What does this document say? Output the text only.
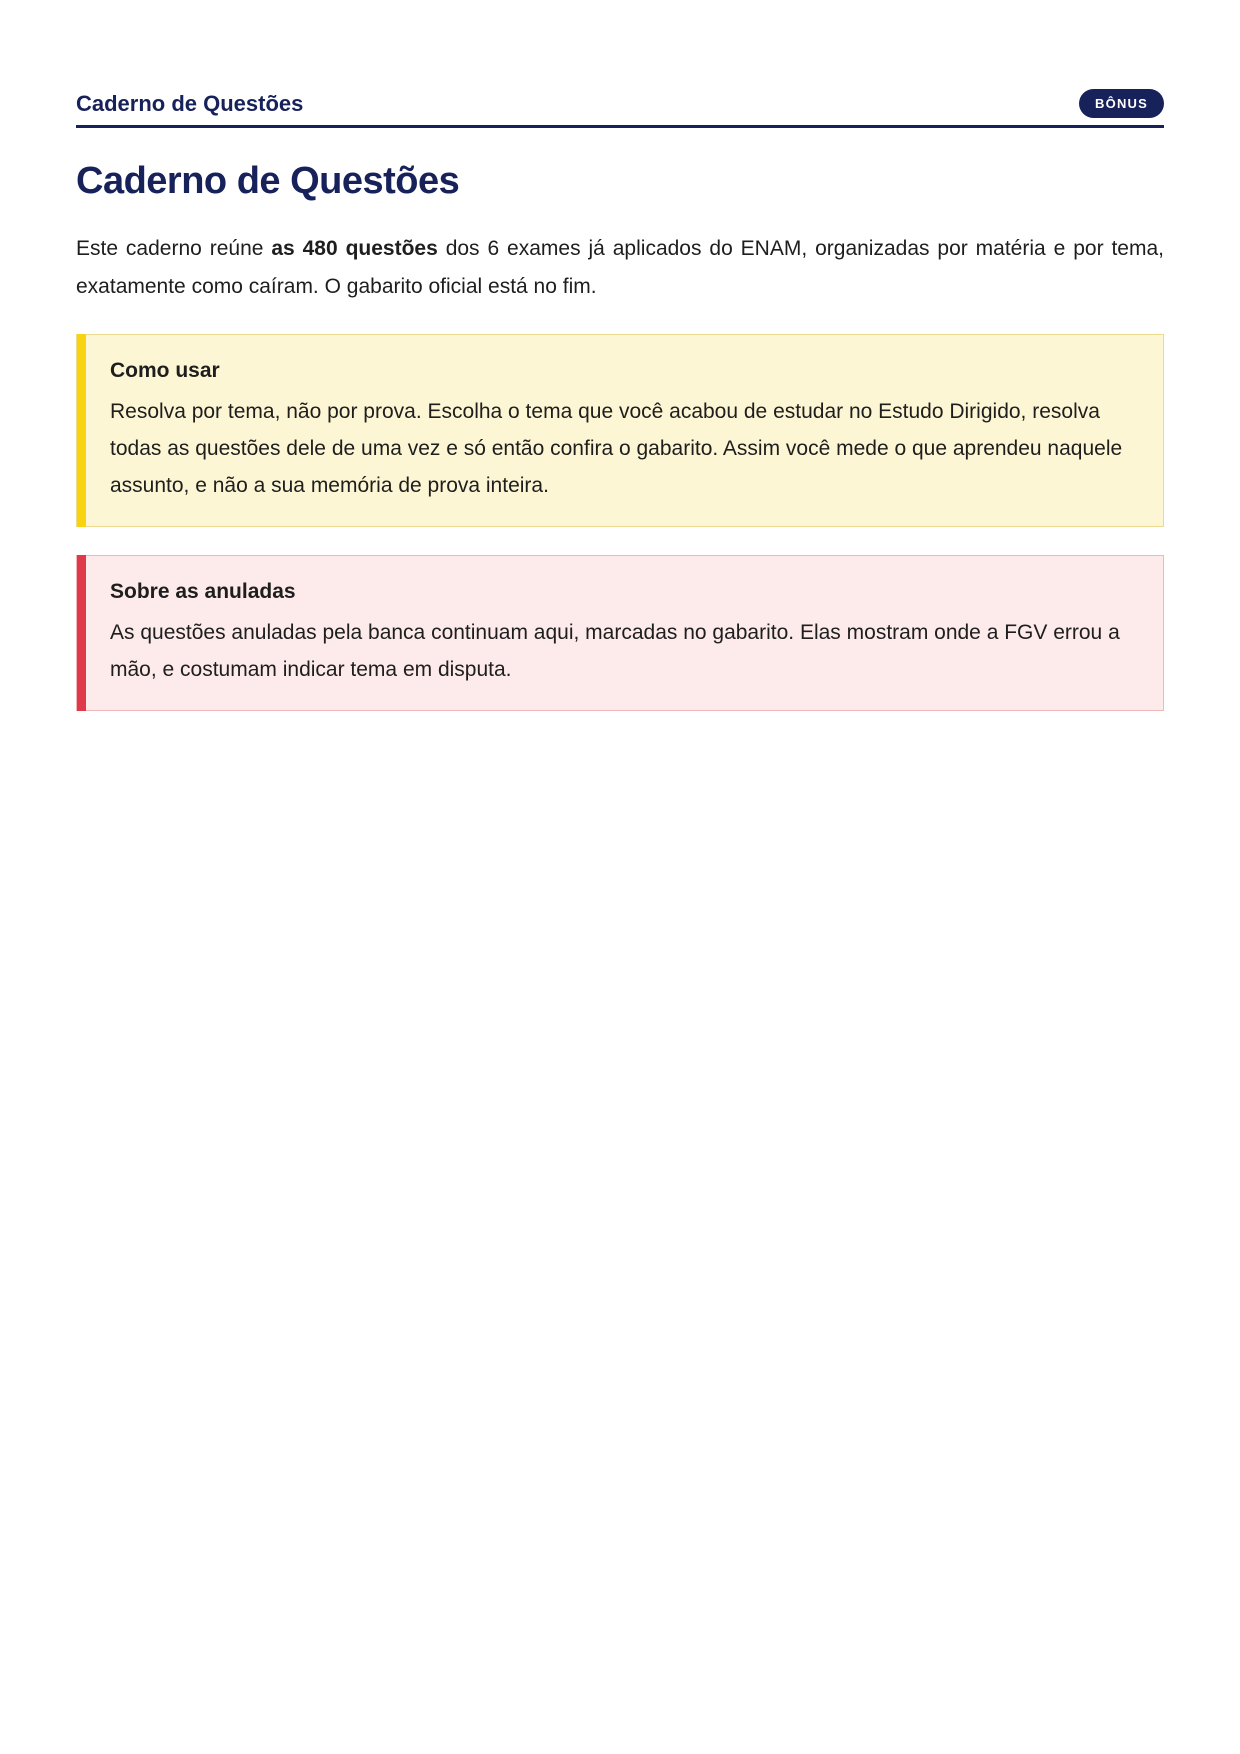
Caderno de Questões	BÔNUS
Caderno de Questões

Este caderno reúne as 480 questões dos 6 exames já aplicados do ENAM, organizadas por matéria e por tema, exatamente como caíram. O gabarito oficial está no fim.

Como usar

Resolva por tema, não por prova. Escolha o tema que você acabou de estudar no Estudo Dirigido, resolva todas as questões dele de uma vez e só então confira o gabarito. Assim você mede o que aprendeu naquele assunto, e não a sua memória de prova inteira.

Sobre as anuladas

As questões anuladas pela banca continuam aqui, marcadas no gabarito. Elas mostram onde a FGV errou a mão, e costumam indicar tema em disputa.
